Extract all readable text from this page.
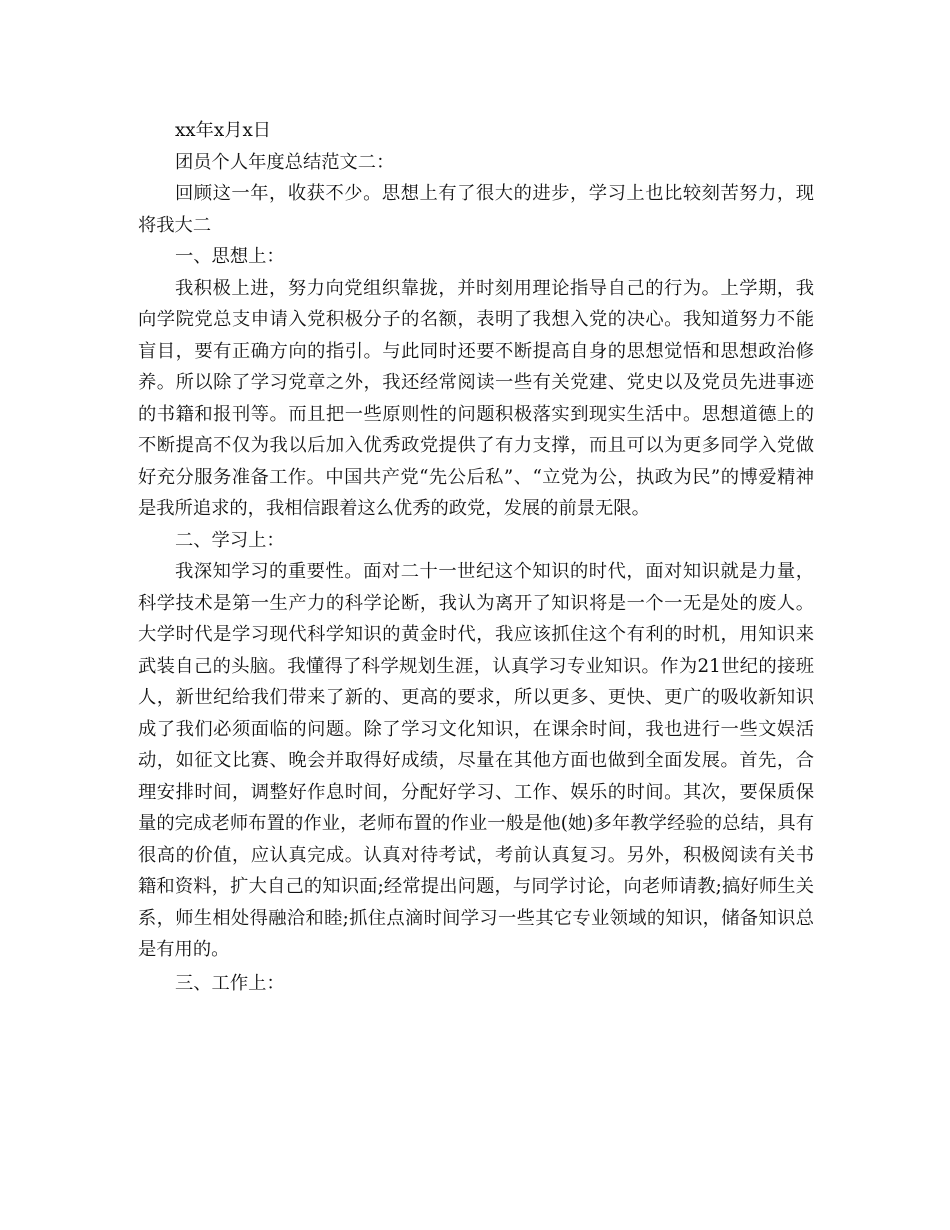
xx年x月x日

团员个人年度总结范文二：

回顾这一年，收获不少。思想上有了很大的进步，学习上也比较刻苦努力，现将我大二

一、思想上：

我积极上进，努力向党组织靠拢，并时刻用理论指导自己的行为。上学期，我向学院党总支申请入党积极分子的名额，表明了我想入党的决心。我知道努力不能盲目，要有正确方向的指引。与此同时还要不断提高自身的思想觉悟和思想政治修养。所以除了学习党章之外，我还经常阅读一些有关党建、党史以及党员先进事迹的书籍和报刊等。而且把一些原则性的问题积极落实到现实生活中。思想道德上的不断提高不仅为我以后加入优秀政党提供了有力支撑，而且可以为更多同学入党做好充分服务准备工作。中国共产党“先公后私”、“立党为公，执政为民”的博爱精神是我所追求的，我相信跟着这么优秀的政党，发展的前景无限。

二、学习上：

我深知学习的重要性。面对二十一世纪这个知识的时代，面对知识就是力量，科学技术是第一生产力的科学论断，我认为离开了知识将是一个一无是处的废人。大学时代是学习现代科学知识的黄金时代，我应该抓住这个有利的时机，用知识来武装自己的头脑。我懂得了科学规划生涯，认真学习专业知识。作为21世纪的接班人，新世纪给我们带来了新的、更高的要求，所以更多、更快、更广的吸收新知识成了我们必须面临的问题。除了学习文化知识，在课余时间，我也进行一些文娱活动，如征文比赛、晚会并取得好成绩，尽量在其他方面也做到全面发展。首先，合理安排时间，调整好作息时间，分配好学习、工作、娱乐的时间。其次，要保质保量的完成老师布置的作业，老师布置的作业一般是他(她)多年教学经验的总结，具有很高的价值，应认真完成。认真对待考试，考前认真复习。另外，积极阅读有关书籍和资料，扩大自己的知识面;经常提出问题，与同学讨论，向老师请教;搞好师生关系，师生相处得融洽和睦;抓住点滴时间学习一些其它专业领域的知识，储备知识总是有用的。

三、工作上：
